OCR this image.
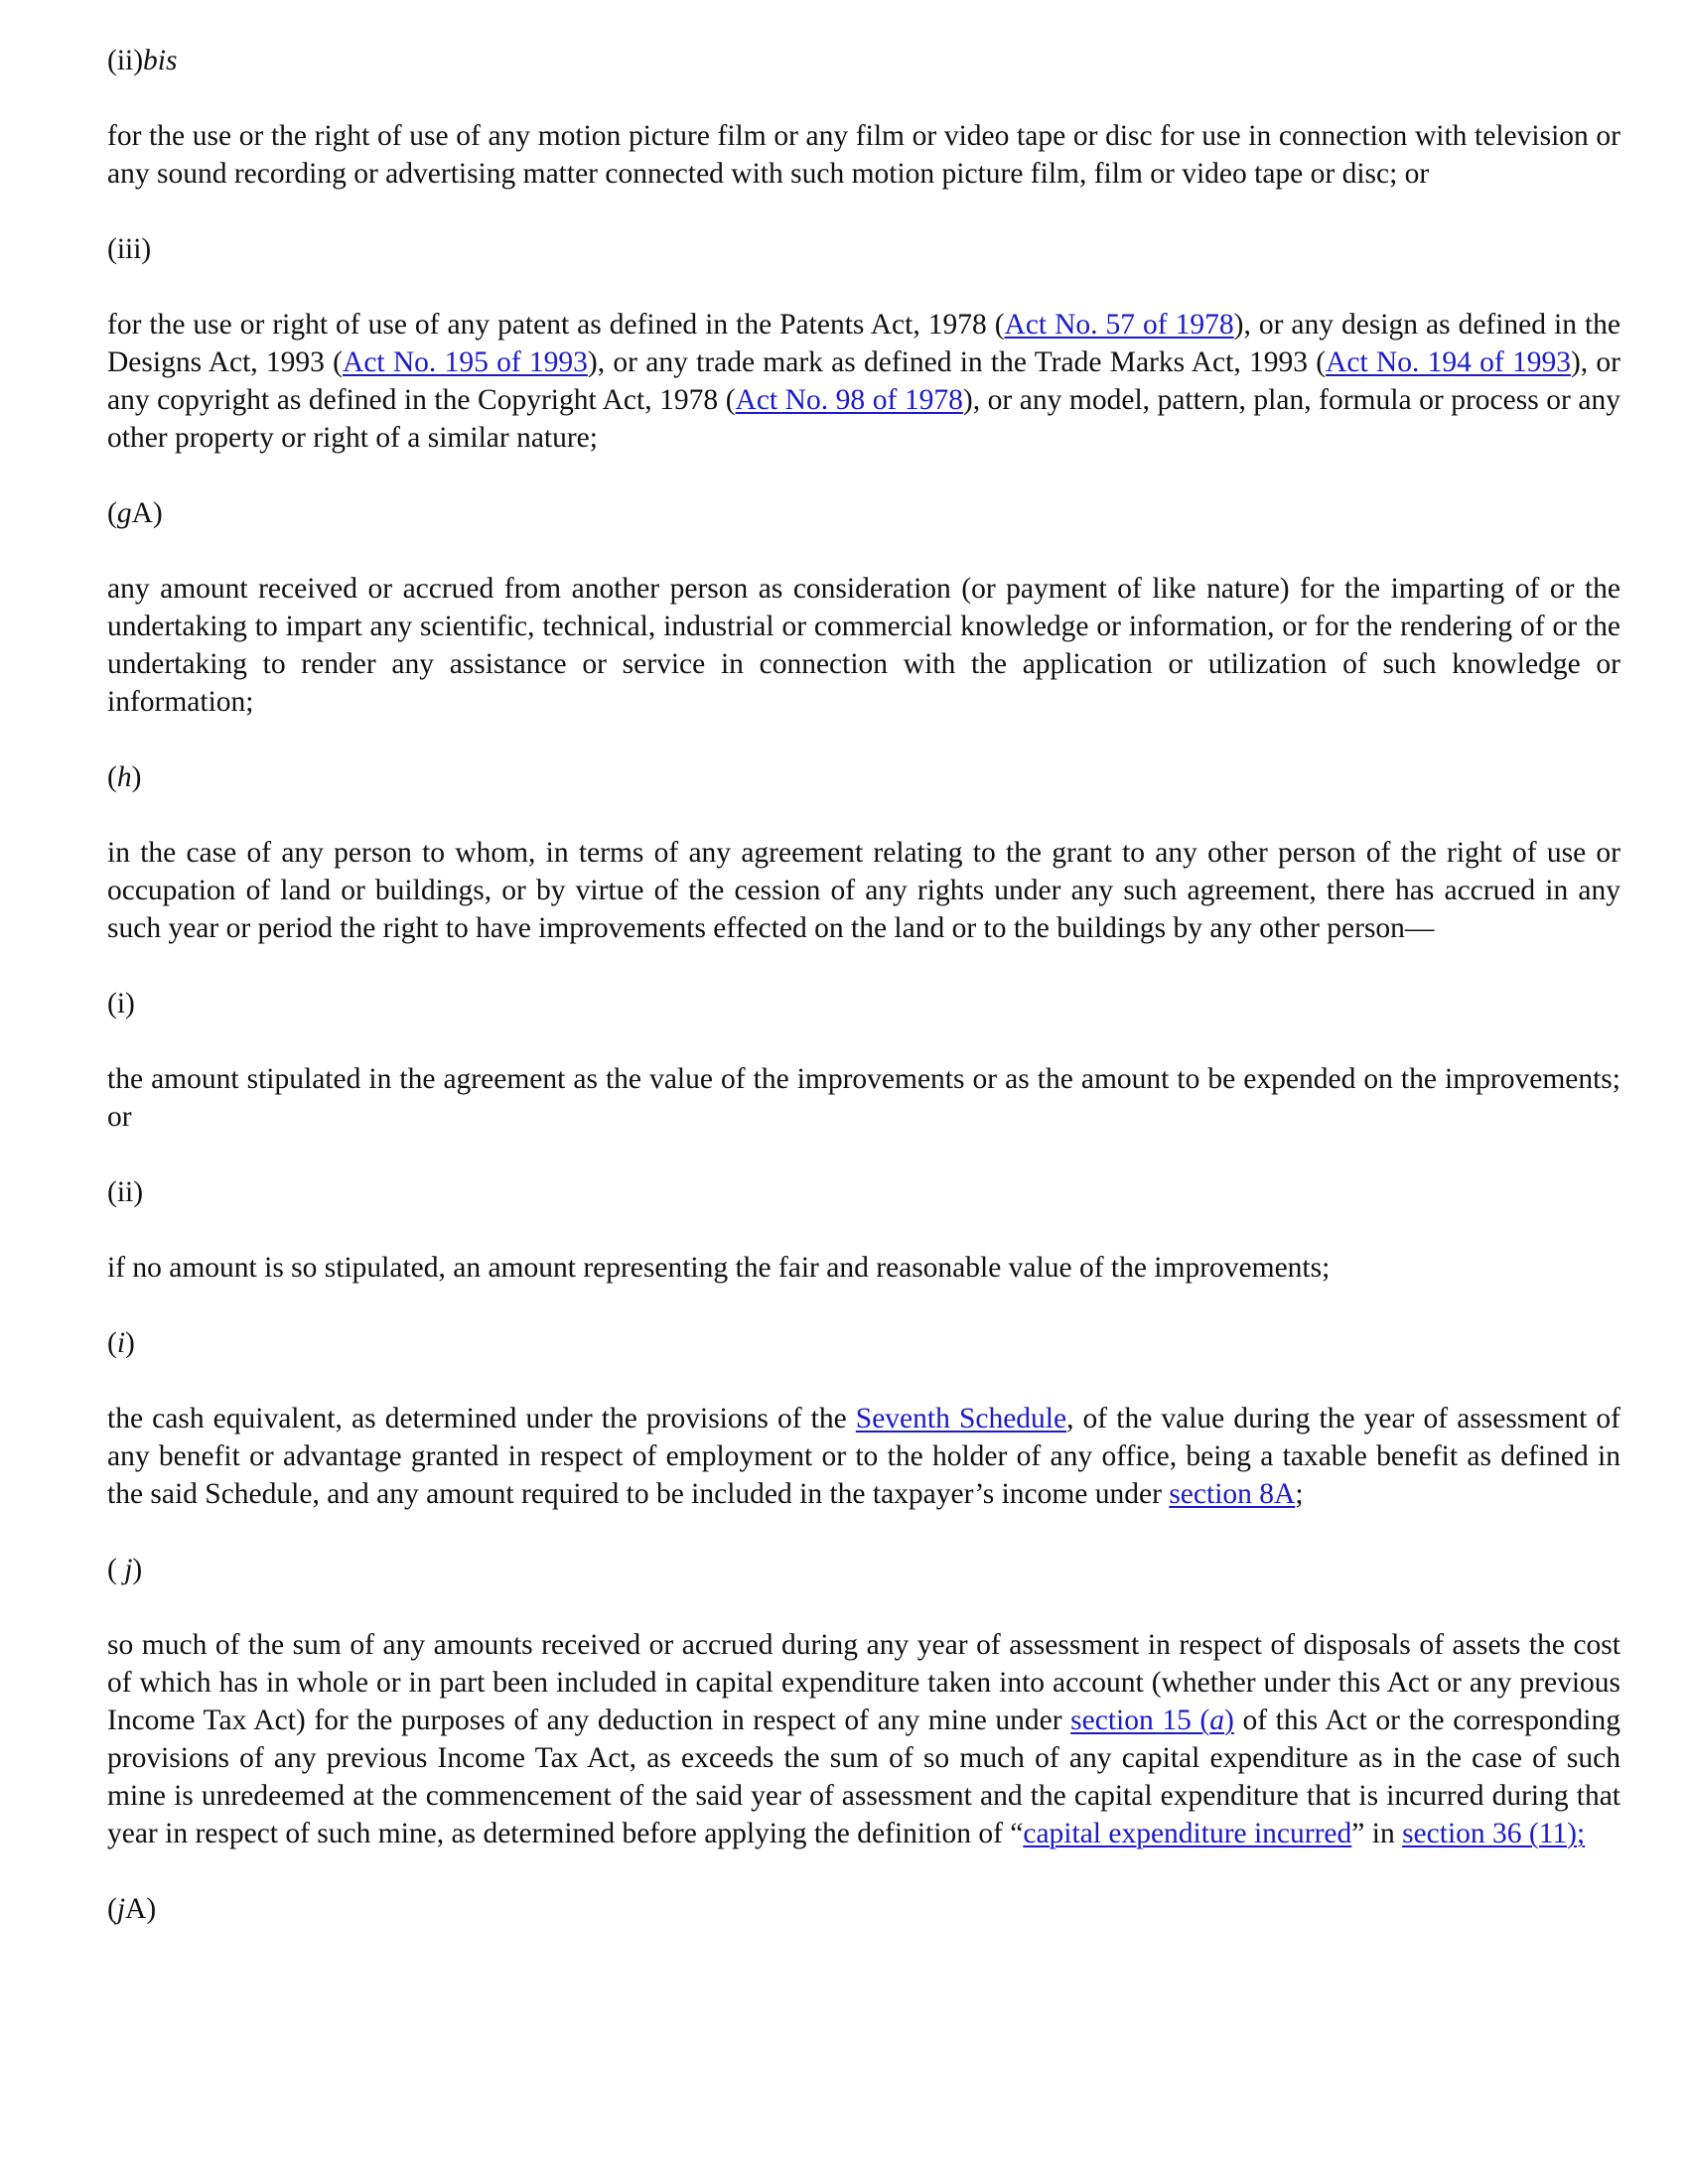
(ii)bis
for the use or the right of use of any motion picture film or any film or video tape or disc for use in connection with television or any sound recording or advertising matter connected with such motion picture film, film or video tape or disc; or
(iii)
for the use or right of use of any patent as defined in the Patents Act, 1978 (Act No. 57 of 1978), or any design as defined in the Designs Act, 1993 (Act No. 195 of 1993), or any trade mark as defined in the Trade Marks Act, 1993 (Act No. 194 of 1993), or any copyright as defined in the Copyright Act, 1978 (Act No. 98 of 1978), or any model, pattern, plan, formula or process or any other property or right of a similar nature;
(gA)
any amount received or accrued from another person as consideration (or payment of like nature) for the imparting of or the undertaking to impart any scientific, technical, industrial or commercial knowledge or information, or for the rendering of or the undertaking to render any assistance or service in connection with the application or utilization of such knowledge or information;
(h)
in the case of any person to whom, in terms of any agreement relating to the grant to any other person of the right of use or occupation of land or buildings, or by virtue of the cession of any rights under any such agreement, there has accrued in any such year or period the right to have improvements effected on the land or to the buildings by any other person—
(i)
the amount stipulated in the agreement as the value of the improvements or as the amount to be expended on the improvements; or
(ii)
if no amount is so stipulated, an amount representing the fair and reasonable value of the improvements;
(i)
the cash equivalent, as determined under the provisions of the Seventh Schedule, of the value during the year of assessment of any benefit or advantage granted in respect of employment or to the holder of any office, being a taxable benefit as defined in the said Schedule, and any amount required to be included in the taxpayer’s income under section 8A;
( j)
so much of the sum of any amounts received or accrued during any year of assessment in respect of disposals of assets the cost of which has in whole or in part been included in capital expenditure taken into account (whether under this Act or any previous Income Tax Act) for the purposes of any deduction in respect of any mine under section 15 (a) of this Act or the corresponding provisions of any previous Income Tax Act, as exceeds the sum of so much of any capital expenditure as in the case of such mine is unredeemed at the commencement of the said year of assessment and the capital expenditure that is incurred during that year in respect of such mine, as determined before applying the definition of “capital expenditure incurred” in section 36 (11);
(jA)
